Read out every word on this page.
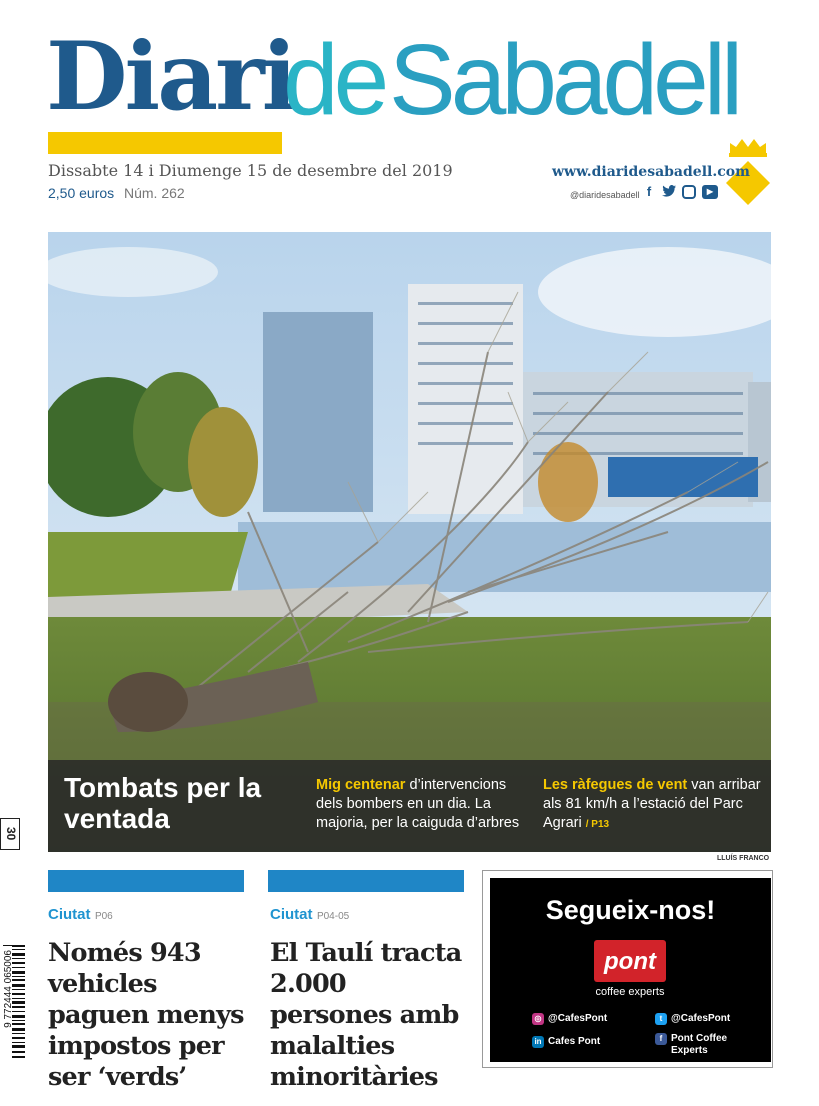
Diari
de Sabadell
Dissabte 14 i Diumenge 15 de desembre del 2019
2,50 euros Núm. 262
www.diaridesabadell.com
@diaridesabadell f	▶
Tombats per la ventada
Mig centenar d’intervencions dels bombers en un dia. La majoria, per la caiguda d’arbres
Les ràfegues de vent van arribar als 81 km/h a l’estació del Parc Agrari / P13
LLUÍS FRANCO
Ciutat P06
Només 943 vehicles paguen menys impostos per ser ‘verds’
Ciutat P04-05
El Taulí tracta 2.000 persones amb malalties minoritàries
Segueix-nos!
pont
coffee experts
◎ @CafesPont	t @CafesPont
in Cafes Pont	f Pont Coffee Experts
30
9 772444 065006
